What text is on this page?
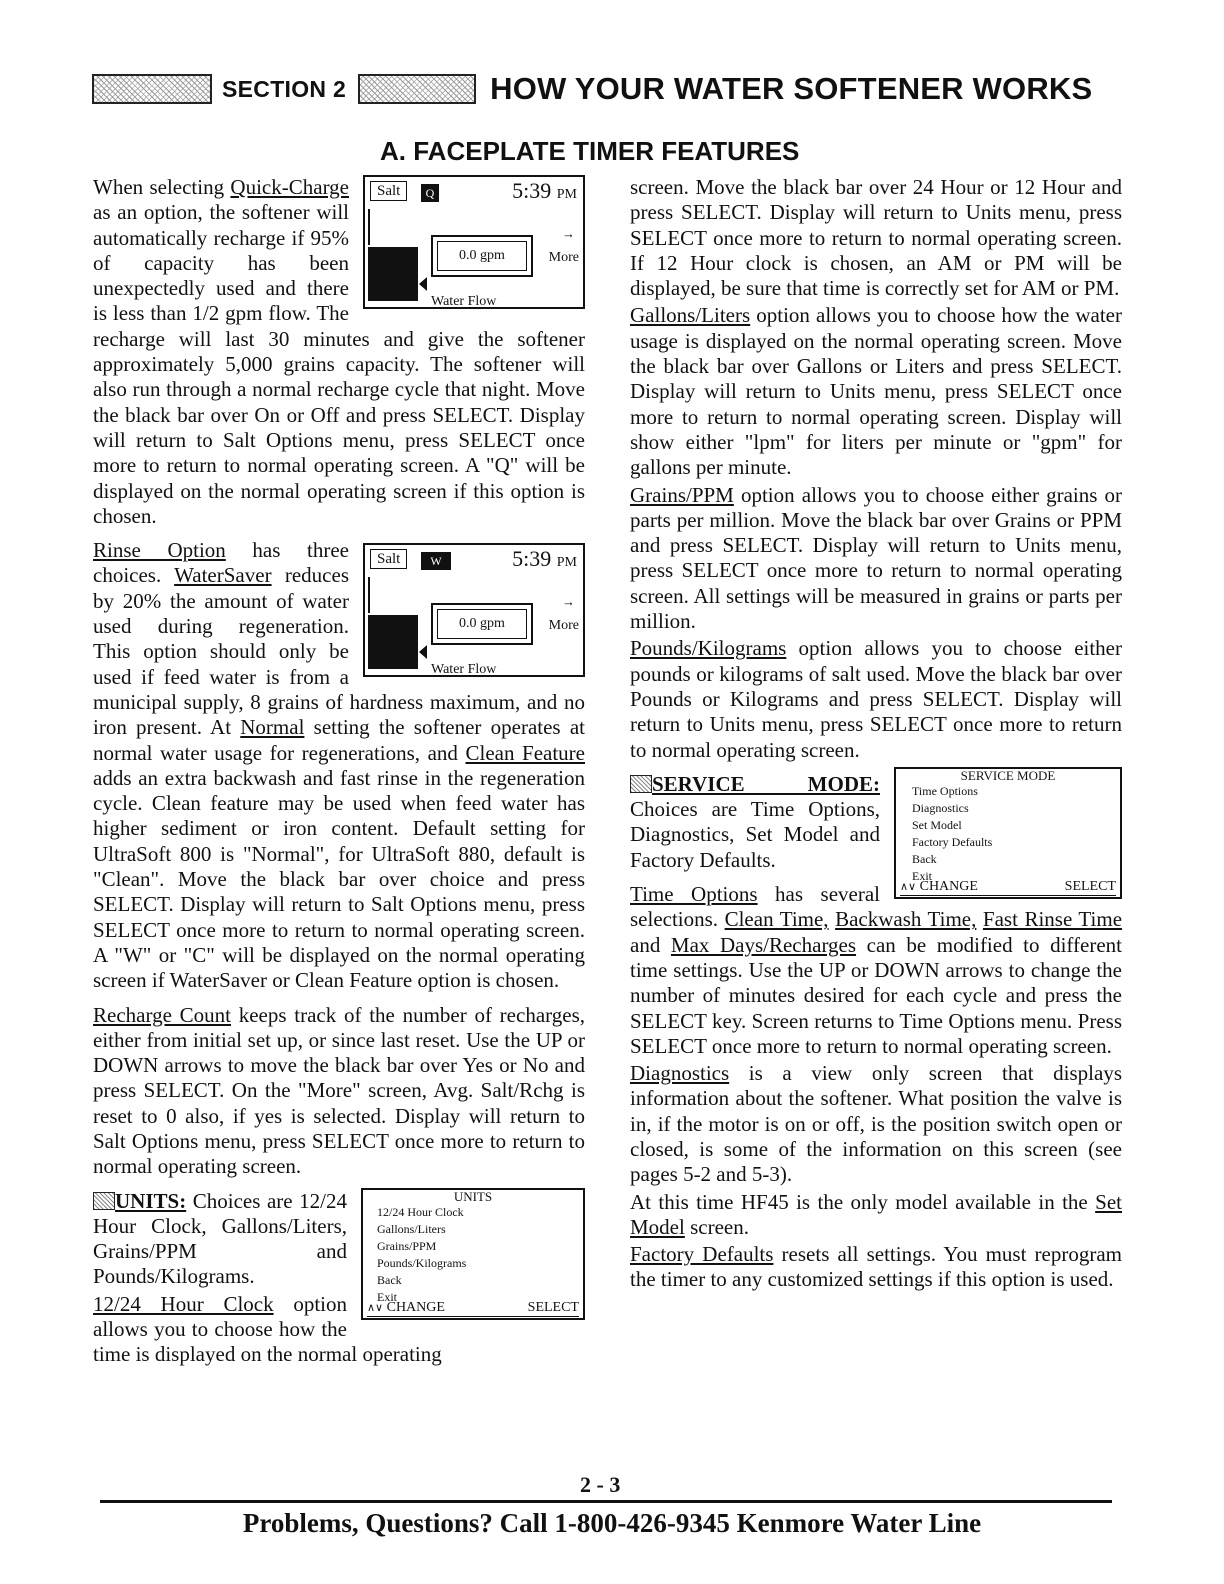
SECTION 2	HOW YOUR WATER SOFTENER WORKS
A. FACEPLATE TIMER FEATURES
Salt	Q	5:39 PM
0.0 gpm
→
More
Water Flow

When selecting Quick-Charge as an option, the softener will automatically recharge if 95% of capacity has been unexpectedly used and there is less than 1/2 gpm flow. The recharge will last 30 minutes and give the softener approximately 5,000 grains capacity. The softener will also run through a normal recharge cycle that night. Move the black bar over On or Off and press SELECT. Display will return to Salt Options menu, press SELECT once more to return to normal operating screen. A "Q" will be displayed on the normal operating screen if this option is chosen.

Salt	W	5:39 PM
0.0 gpm
→
More
Water Flow

Rinse Option has three choices. WaterSaver reduces by 20% the amount of water used during regeneration. This option should only be used if feed water is from a municipal supply, 8 grains of hardness maximum, and no iron present. At Normal setting the softener operates at normal water usage for regenerations, and Clean Feature adds an extra backwash and fast rinse in the regeneration cycle. Clean feature may be used when feed water has higher sediment or iron content. Default setting for UltraSoft 800 is "Normal", for UltraSoft 880, default is "Clean". Move the black bar over choice and press SELECT. Display will return to Salt Options menu, press SELECT once more to return to normal operating screen. A "W" or "C" will be displayed on the normal operating screen if WaterSaver or Clean Feature option is chosen.

Recharge Count keeps track of the number of recharges, either from initial set up, or since last reset. Use the UP or DOWN arrows to move the black bar over Yes or No and press SELECT. On the "More" screen, Avg. Salt/Rchg is reset to 0 also, if yes is selected. Display will return to Salt Options menu, press SELECT once more to return to normal operating screen.

UNITS
12/24 Hour Clock
Gallons/Liters
Grains/PPM
Pounds/Kilograms
Back
Exit
∧∨ CHANGE	SELECT

UNITS: Choices are 12/24 Hour Clock, Gallons/Liters, Grains/PPM and Pounds/Kilograms.

12/24 Hour Clock option allows you to choose how the time is displayed on the normal operating

screen. Move the black bar over 24 Hour or 12 Hour and press SELECT. Display will return to Units menu, press SELECT once more to return to normal operating screen. If 12 Hour clock is chosen, an AM or PM will be displayed, be sure that time is correctly set for AM or PM.

Gallons/Liters option allows you to choose how the water usage is displayed on the normal operating screen. Move the black bar over Gallons or Liters and press SELECT. Display will return to Units menu, press SELECT once more to return to normal operating screen. Display will show either "lpm" for liters per minute or "gpm" for gallons per minute.

Grains/PPM option allows you to choose either grains or parts per million. Move the black bar over Grains or PPM and press SELECT. Display will return to Units menu, press SELECT once more to return to normal operating screen. All settings will be measured in grains or parts per million.

Pounds/Kilograms option allows you to choose either pounds or kilograms of salt used. Move the black bar over Pounds or Kilograms and press SELECT. Display will return to Units menu, press SELECT once more to return to normal operating screen.

SERVICE MODE
Time Options
Diagnostics
Set Model
Factory Defaults
Back
Exit
∧∨ CHANGE	SELECT

SERVICE MODE: Choices are Time Options, Diagnostics, Set Model and Factory Defaults.

Time Options has several selections. Clean Time, Backwash Time, Fast Rinse Time and Max Days/Recharges can be modified to different time settings. Use the UP or DOWN arrows to change the number of minutes desired for each cycle and press the SELECT key. Screen returns to Time Options menu. Press SELECT once more to return to normal operating screen.

Diagnostics is a view only screen that displays information about the softener. What position the valve is in, if the motor is on or off, is the position switch open or closed, is some of the information on this screen (see pages 5-2 and 5-3).

At this time HF45 is the only model available in the Set Model screen.

Factory Defaults resets all settings. You must reprogram the timer to any customized settings if this option is used.

2 - 3
Problems, Questions? Call 1-800-426-9345 Kenmore Water Line
